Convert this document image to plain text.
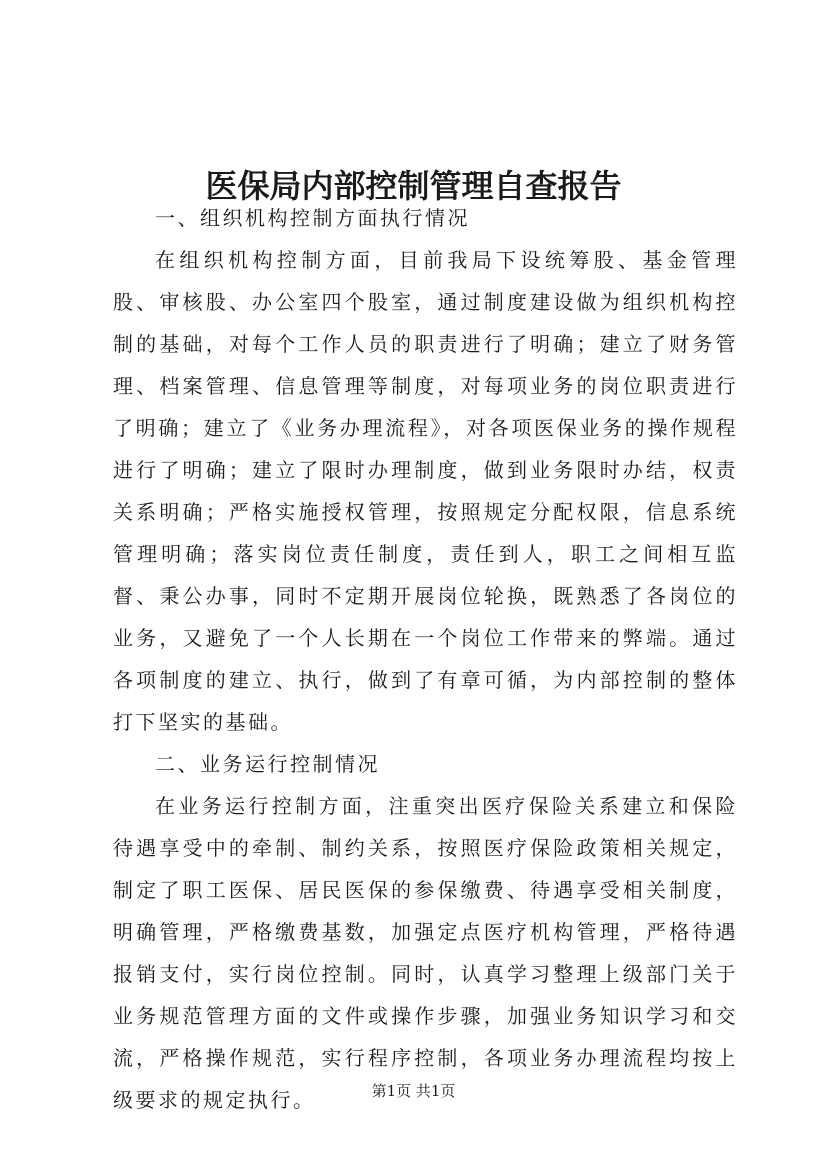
医保局内部控制管理自查报告

一、组织机构控制方面执行情况

在组织机构控制方面，目前我局下设统筹股、基金管理股、审核股、办公室四个股室，通过制度建设做为组织机构控制的基础，对每个工作人员的职责进行了明确；建立了财务管理、档案管理、信息管理等制度，对每项业务的岗位职责进行了明确；建立了《业务办理流程》，对各项医保业务的操作规程进行了明确；建立了限时办理制度，做到业务限时办结，权责关系明确；严格实施授权管理，按照规定分配权限，信息系统管理明确；落实岗位责任制度，责任到人，职工之间相互监督、秉公办事，同时不定期开展岗位轮换，既熟悉了各岗位的业务，又避免了一个人长期在一个岗位工作带来的弊端。通过各项制度的建立、执行，做到了有章可循，为内部控制的整体打下坚实的基础。

二、业务运行控制情况

在业务运行控制方面，注重突出医疗保险关系建立和保险待遇享受中的牵制、制约关系，按照医疗保险政策相关规定，制定了职工医保、居民医保的参保缴费、待遇享受相关制度，明确管理，严格缴费基数，加强定点医疗机构管理，严格待遇报销支付，实行岗位控制。同时，认真学习整理上级部门关于业务规范管理方面的文件或操作步骤，加强业务知识学习和交流，严格操作规范，实行程序控制，各项业务办理流程均按上级要求的规定执行。	第1页 共1页
